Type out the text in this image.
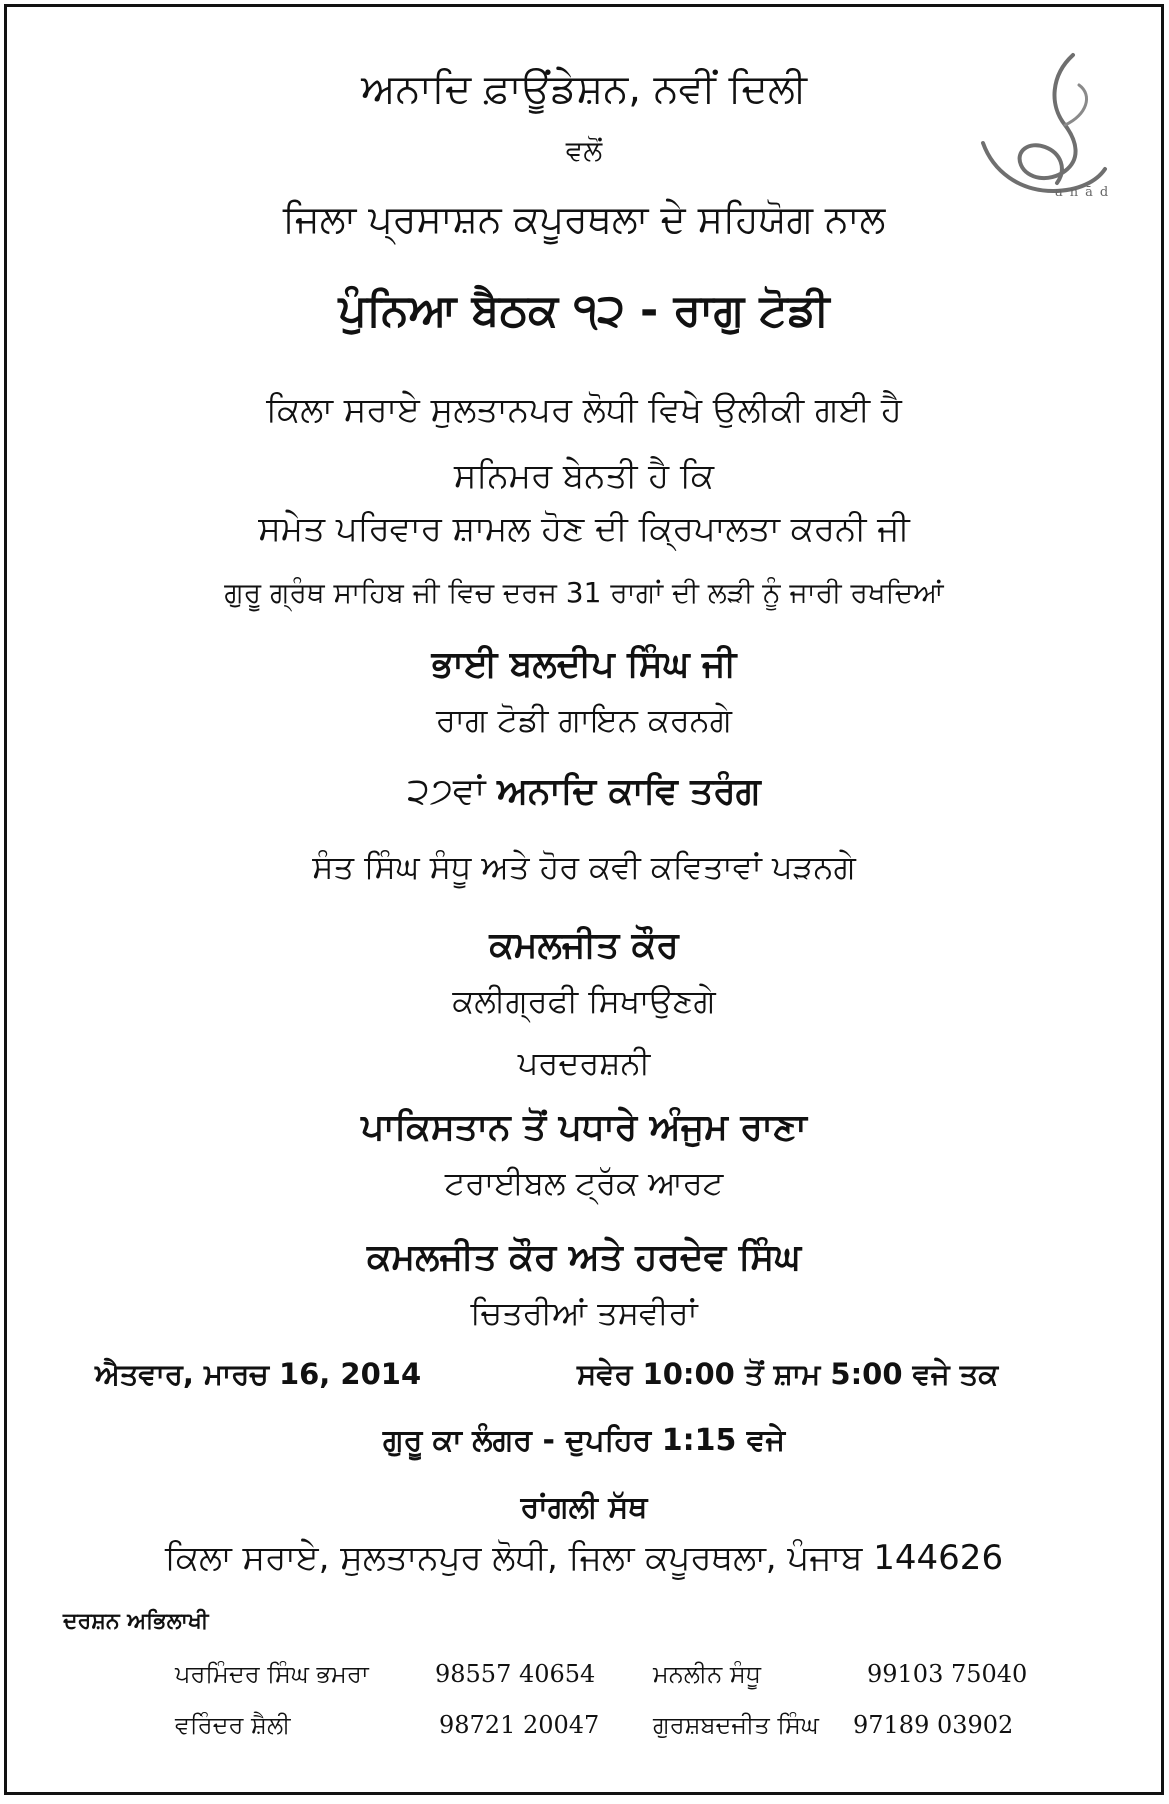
anād
ਅਨਾਦਿ ਫ਼ਾਊਂਡੇਸ਼ਨ, ਨਵੀਂ ਦਿਲੀ
ਵਲੋਂ
ਜਿਲਾ ਪ੍ਰਸਾਸ਼ਨ ਕਪੂਰਥਲਾ ਦੇ ਸਹਿਯੋਗ ਨਾਲ
ਪੁੰਨਿਆ ਬੈਠਕ ੧੨ - ਰਾਗੁ ਟੋਡੀ
ਕਿਲਾ ਸਰਾਏ ਸੁਲਤਾਨਪਰ ਲੋਧੀ ਵਿਖੇ ਉਲੀਕੀ ਗਈ ਹੈ
ਸਨਿਮਰ ਬੇਨਤੀ ਹੈ ਕਿ
ਸਮੇਤ ਪਰਿਵਾਰ ਸ਼ਾਮਲ ਹੋਣ ਦੀ ਕ੍ਰਿਪਾਲਤਾ ਕਰਨੀ ਜੀ
ਗੁਰੂ ਗ੍ਰੰਥ ਸਾਹਿਬ ਜੀ ਵਿਚ ਦਰਜ 31 ਰਾਗਾਂ ਦੀ ਲੜੀ ਨੂੰ ਜਾਰੀ ਰਖਦਿਆਂ
ਭਾਈ ਬਲਦੀਪ ਸਿੰਘ ਜੀ
ਰਾਗ ਟੋਡੀ ਗਾਇਨ ਕਰਨਗੇ
੨੭ਵਾਂ ਅਨਾਦਿ ਕਾਵਿ ਤਰੰਗ
ਸੰਤ ਸਿੰਘ ਸੰਧੂ ਅਤੇ ਹੋਰ ਕਵੀ ਕਵਿਤਾਵਾਂ ਪੜਨਗੇ
ਕਮਲਜੀਤ ਕੌਰ
ਕਲੀਗ੍ਰਫੀ ਸਿਖਾਉਣਗੇ
ਪਰਦਰਸ਼ਨੀ
ਪਾਕਿਸਤਾਨ ਤੋਂ ਪਧਾਰੇ ਅੰਜੁਮ ਰਾਣਾ
ਟਰਾਈਬਲ ਟ੍ਰੱਕ ਆਰਟ
ਕਮਲਜੀਤ ਕੌਰ ਅਤੇ ਹਰਦੇਵ ਸਿੰਘ
ਚਿਤਰੀਆਂ ਤਸਵੀਰਾਂ
ਐਤਵਾਰ, ਮਾਰਚ 16, 2014	ਸਵੇਰ 10:00 ਤੋਂ ਸ਼ਾਮ 5:00 ਵਜੇ ਤਕ
ਗੁਰੂ ਕਾ ਲੰਗਰ - ਦੁਪਹਿਰ 1:15 ਵਜੇ
ਰਾਂਗਲੀ ਸੱਥ
ਕਿਲਾ ਸਰਾਏ, ਸੁਲਤਾਨਪੁਰ ਲੋਧੀ, ਜਿਲਾ ਕਪੂਰਥਲਾ, ਪੰਜਾਬ 144626
ਦਰਸ਼ਨ ਅਭਿਲਾਖੀ
ਪਰਮਿੰਦਰ ਸਿੰਘ ਭਮਰਾ	98557 40654 ਮਨਲੀਨ ਸੰਧੂ	99103 75040
ਵਰਿੰਦਰ ਸ਼ੈਲੀ	98721 20047 ਗੁਰਸ਼ਬਦਜੀਤ ਸਿੰਘ 97189 03902
